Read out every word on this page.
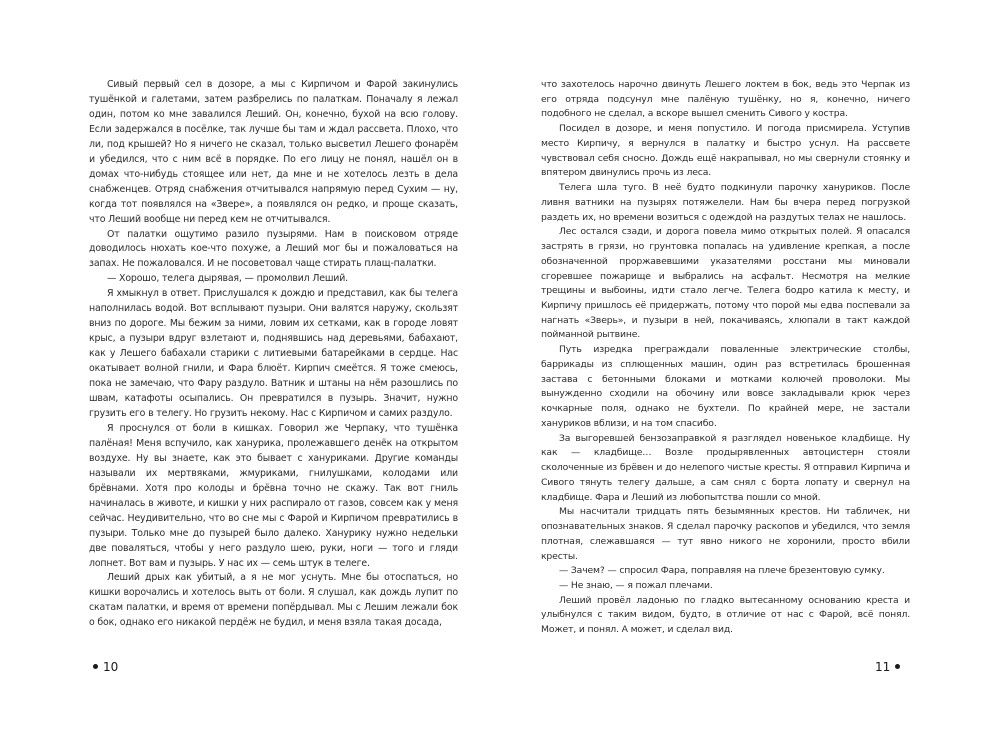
Сивый первый сел в дозоре, а мы с Кирпичом и Фарой закинулись тушёнкой и галетами, затем разбрелись по палаткам. Поначалу я лежал один, потом ко мне завалился Леший. Он, конечно, бухой на всю голову. Если задержался в посёлке, так лучше бы там и ждал рассвета. Плохо, что ли, под крышей? Но я ничего не сказал, только высветил Лешего фонарём и убедился, что с ним всё в порядке. По его лицу не понял, нашёл он в домах что-нибудь стоящее или нет, да мне и не хотелось лезть в дела снабженцев. Отряд снабжения отчитывался напрямую перед Сухим — ну, когда тот появлялся на «Звере», а появлялся он редко, и проще сказать, что Леший вообще ни перед кем не отчитывался.

От палатки ощутимо разило пузырями. Нам в поисковом отряде доводилось нюхать кое-что похуже, а Леший мог бы и пожаловаться на запах. Не пожаловался. И не посоветовал чаще стирать плащ-палатки.

— Хорошо, телега дырявая, — промолвил Леший.

Я хмыкнул в ответ. Прислушался к дождю и представил, как бы телега наполнилась водой. Вот всплывают пузыри. Они валятся наружу, скользят вниз по дороге. Мы бежим за ними, ловим их сетками, как в городе ловят крыс, а пузыри вдруг взлетают и, поднявшись над деревьями, бабахают, как у Лешего бабахали старики с литиевыми батарейками в сердце. Нас окатывает волной гнили, и Фара блюёт. Кирпич смеётся. Я тоже смеюсь, пока не замечаю, что Фару раздуло. Ватник и штаны на нём разошлись по швам, катафоты осыпались. Он превратился в пузырь. Значит, нужно грузить его в телегу. Но грузить некому. Нас с Кирпичом и самих раздуло.

Я проснулся от боли в кишках. Говорил же Черпаку, что тушёнка палёная! Меня вспучило, как ханурика, пролежавшего денёк на открытом воздухе. Ну вы знаете, как это бывает с хануриками. Другие команды называли их мертвяками, жмуриками, гнилушками, колодами или брёвнами. Хотя про колоды и брёвна точно не скажу. Так вот гниль начиналась в животе, и кишки у них распирало от газов, совсем как у меня сейчас. Неудивительно, что во сне мы с Фарой и Кирпичом превратились в пузыри. Только мне до пузырей было далеко. Ханурику нужно недельки две поваляться, чтобы у него раздуло шею, руки, ноги — того и гляди лопнет. Вот вам и пузырь. У нас их — семь штук в телеге.

Леший дрых как убитый, а я не мог уснуть. Мне бы отоспаться, но кишки ворочались и хотелось выть от боли. Я слушал, как дождь лупит по скатам палатки, и время от времени попёрдывал. Мы с Лешим лежали бок о бок, однако его никакой пердёж не будил, и меня взяла такая досада,

10

что захотелось нарочно двинуть Лешего локтем в бок, ведь это Черпак из его отряда подсунул мне палёную тушёнку, но я, конечно, ничего подобного не сделал, а вскоре вышел сменить Сивого у костра.

Посидел в дозоре, и меня попустило. И погода присмирела. Уступив место Кирпичу, я вернулся в палатку и быстро уснул. На рассвете чувствовал себя сносно. Дождь ещё накрапывал, но мы свернули стоянку и впятером двинулись прочь из леса.

Телега шла туго. В неё будто подкинули парочку хануриков. После ливня ватники на пузырях потяжелели. Нам бы вчера перед погрузкой раздеть их, но времени возиться с одеждой на раздутых телах не нашлось.

Лес остался сзади, и дорога повела мимо открытых полей. Я опасался застрять в грязи, но грунтовка попалась на удивление крепкая, а после обозначенной проржавевшими указателями росстани мы миновали сгоревшее пожарище и выбрались на асфальт. Несмотря на мелкие трещины и выбоины, идти стало легче. Телега бодро катила к месту, и Кирпичу пришлось её придержать, потому что порой мы едва поспевали за нагнать «Зверь», и пузыри в ней, покачиваясь, хлюпали в такт каждой пойманной рытвине.

Путь изредка преграждали поваленные электрические столбы, баррикады из сплющенных машин, один раз встретилась брошенная застава с бетонными блоками и мотками колючей проволоки. Мы вынужденно сходили на обочину или вовсе закладывали крюк через кочкарные поля, однако не бухтели. По крайней мере, не застали хануриков вблизи, и на том спасибо.

За выгоревшей бензозаправкой я разглядел новенькое кладбище. Ну как — кладбище… Возле продырявленных автоцистерн стояли сколоченные из брёвен и до нелепого чистые кресты. Я отправил Кирпича и Сивого тянуть телегу дальше, а сам снял с борта лопату и свернул на кладбище. Фара и Леший из любопытства пошли со мной.

Мы насчитали тридцать пять безымянных крестов. Ни табличек, ни опознавательных знаков. Я сделал парочку раскопов и убедился, что земля плотная, слежавшаяся — тут явно никого не хоронили, просто вбили кресты.

— Зачем? — спросил Фара, поправляя на плече брезентовую сумку.

— Не знаю, — я пожал плечами.

Леший провёл ладонью по гладко вытесанному основанию креста и улыбнулся с таким видом, будто, в отличие от нас с Фарой, всё понял. Может, и понял. А может, и сделал вид.

11
